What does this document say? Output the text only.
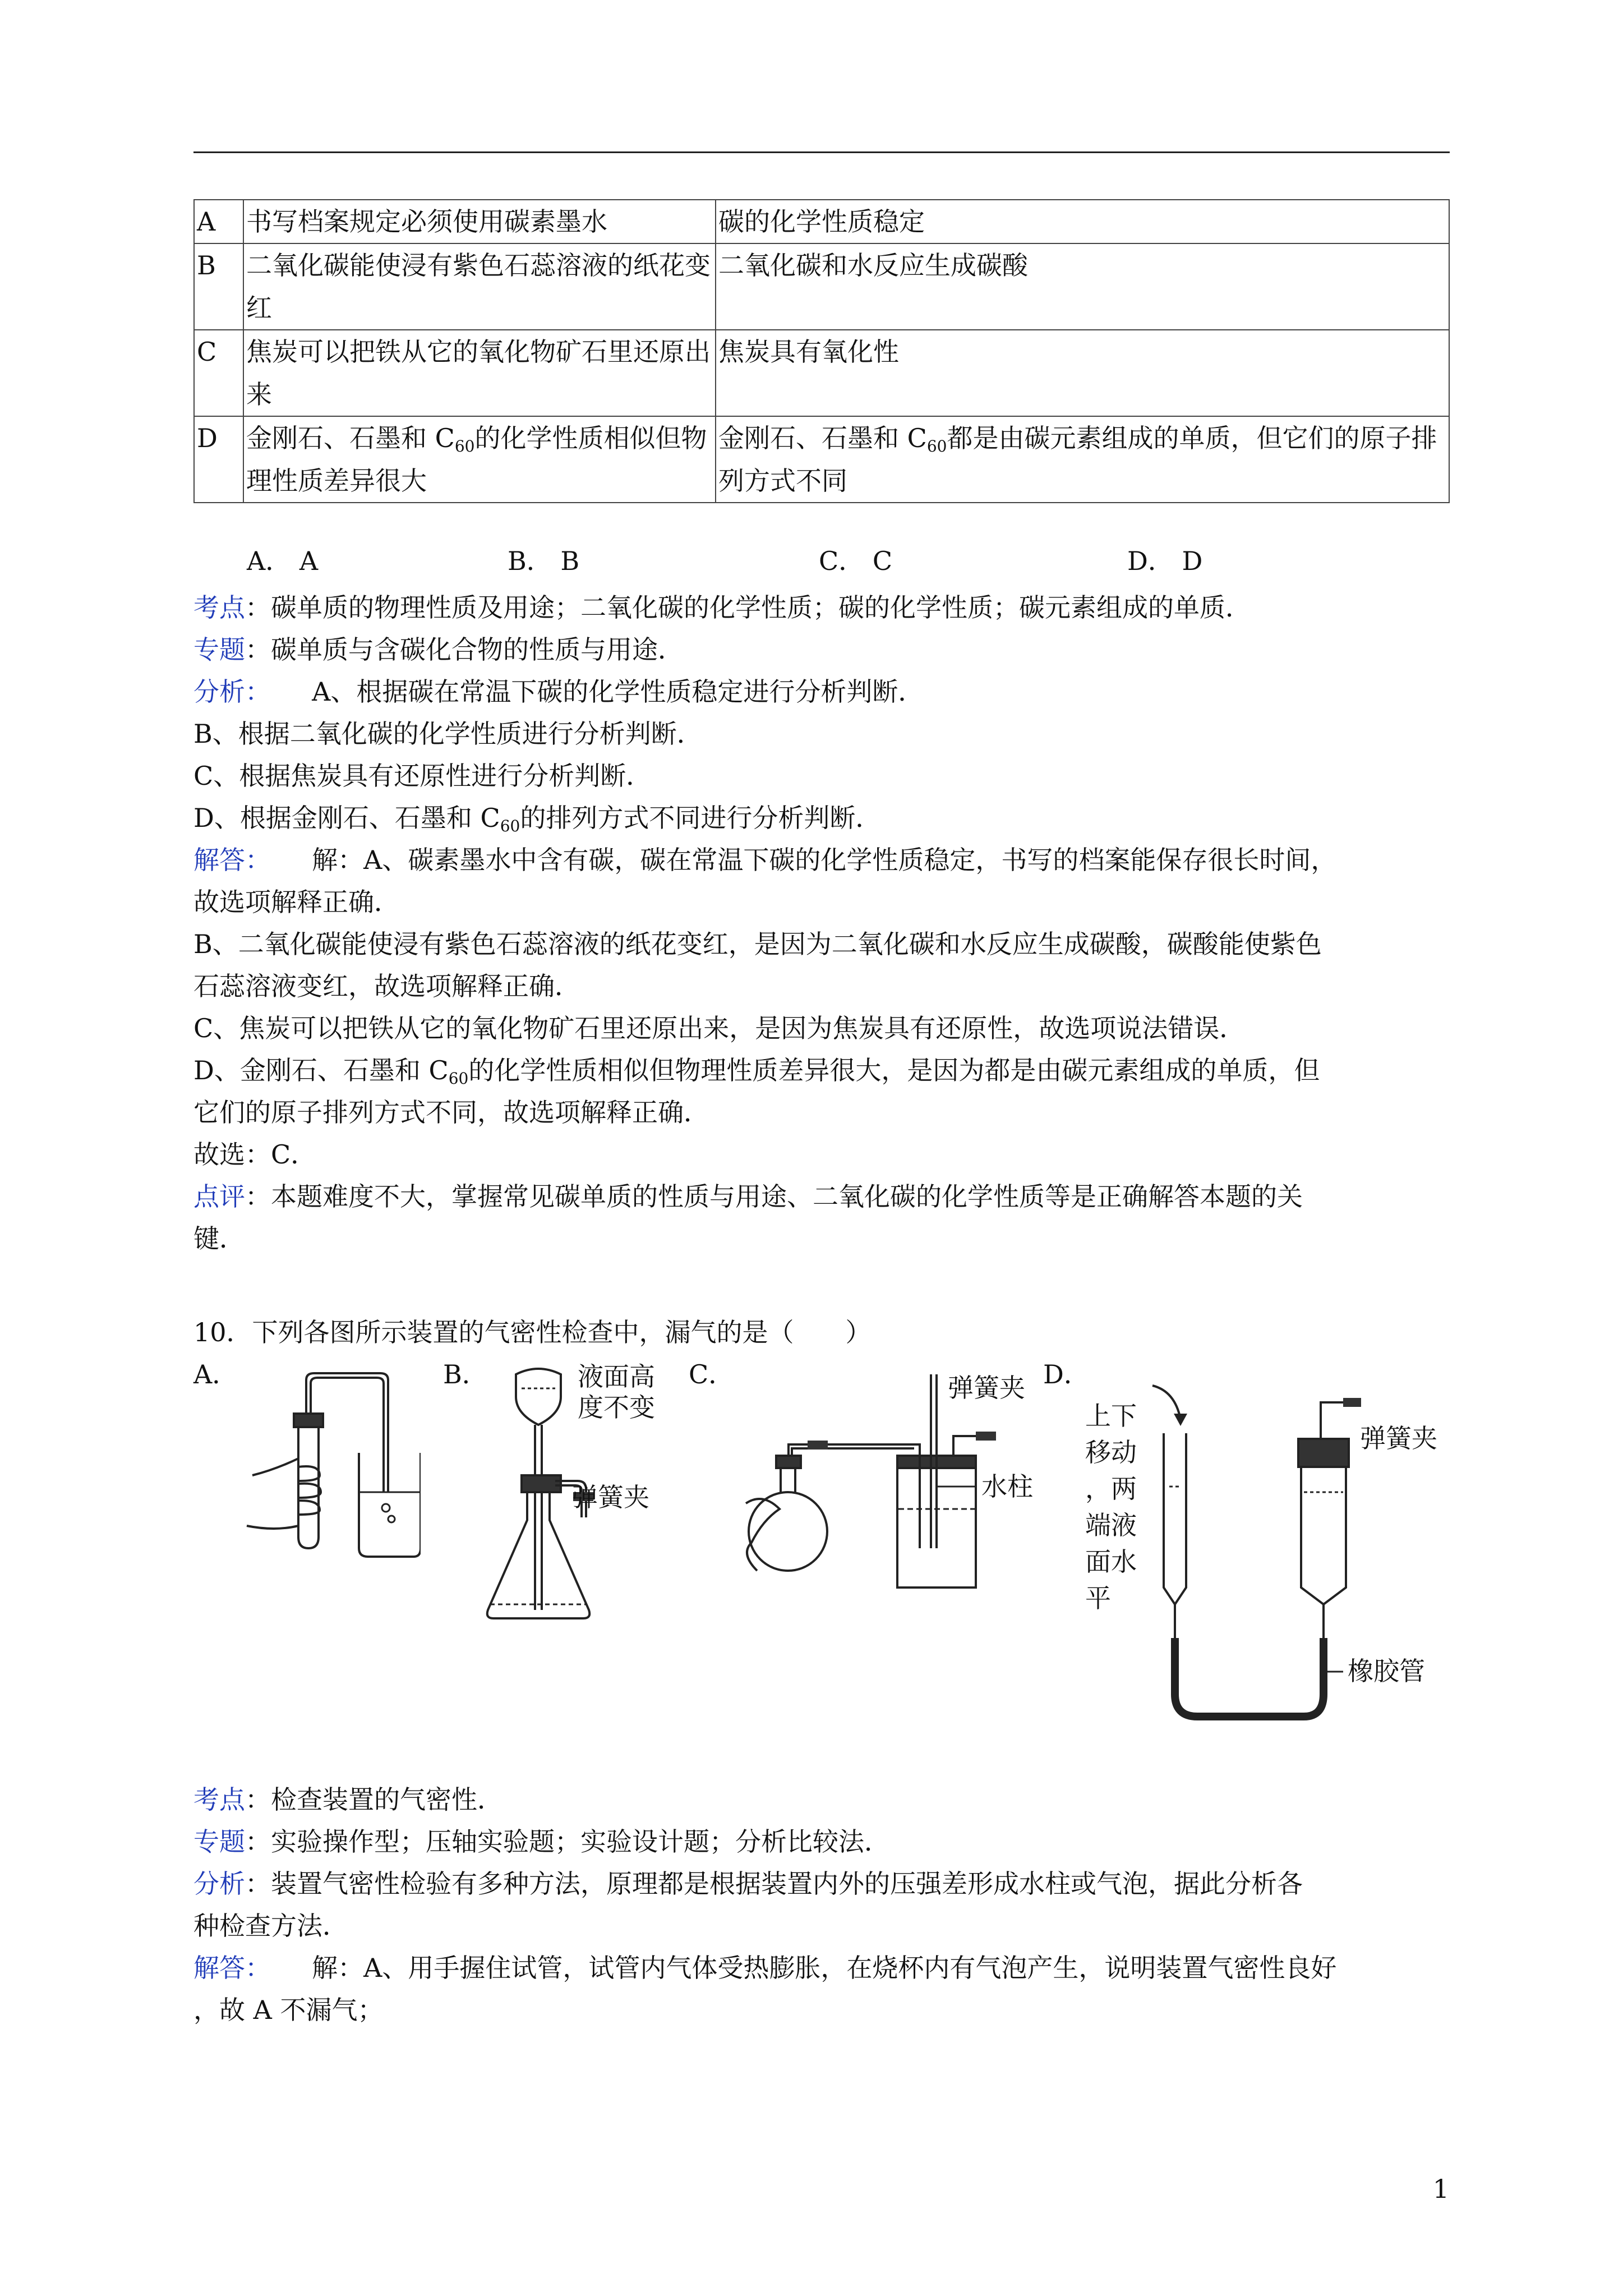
A	书写档案规定必须使用碳素墨水	碳的化学性质稳定
B	二氧化碳能使浸有紫色石蕊溶液的纸花变红	二氧化碳和水反应生成碳酸
C	焦炭可以把铁从它的氧化物矿石里还原出来	焦炭具有氧化性
D	金刚石、石墨和 $C_{60}$的化学性质相似但物理性质差异很大	金刚石、石墨和 $C_{60}$都是由碳元素组成的单质，但它们的原子排列方式不同
A． A	B． B	C． C	D． D
考点：碳单质的物理性质及用途；二氧化碳的化学性质；碳的化学性质；碳元素组成的单质．
专题：碳单质与含碳化合物的性质与用途．
分析：     A、根据碳在常温下碳的化学性质稳定进行分析判断．
B、根据二氧化碳的化学性质进行分析判断．
C、根据焦炭具有还原性进行分析判断．
D、根据金刚石、石墨和 $C_{60}$的排列方式不同进行分析判断．
解答：     解：A、碳素墨水中含有碳，碳在常温下碳的化学性质稳定，书写的档案能保存很长时间，
故选项解释正确．
B、二氧化碳能使浸有紫色石蕊溶液的纸花变红，是因为二氧化碳和水反应生成碳酸，碳酸能使紫色
石蕊溶液变红，故选项解释正确．
C、焦炭可以把铁从它的氧化物矿石里还原出来，是因为焦炭具有还原性，故选项说法错误．
D、金刚石、石墨和 $C_{60}$的化学性质相似但物理性质差异很大，是因为都是由碳元素组成的单质，但
它们的原子排列方式不同，故选项解释正确．
故选：C．
点评：本题难度不大，掌握常见碳单质的性质与用途、二氧化碳的化学性质等是正确解答本题的关
键．
10．下列各图所示装置的气密性检查中，漏气的是（　　）
A．	B．	C．	D．
液面高
度不变
弹簧夹
弹簧夹
水柱
上下
移动
，两
端液
面水
平
弹簧夹
橡胶管
考点：检查装置的气密性．
专题：实验操作型；压轴实验题；实验设计题；分析比较法．
分析：装置气密性检验有多种方法，原理都是根据装置内外的压强差形成水柱或气泡，据此分析各
种检查方法．
解答：     解：A、用手握住试管，试管内气体受热膨胀，在烧杯内有气泡产生，说明装置气密性良好
，故 A 不漏气；
1
